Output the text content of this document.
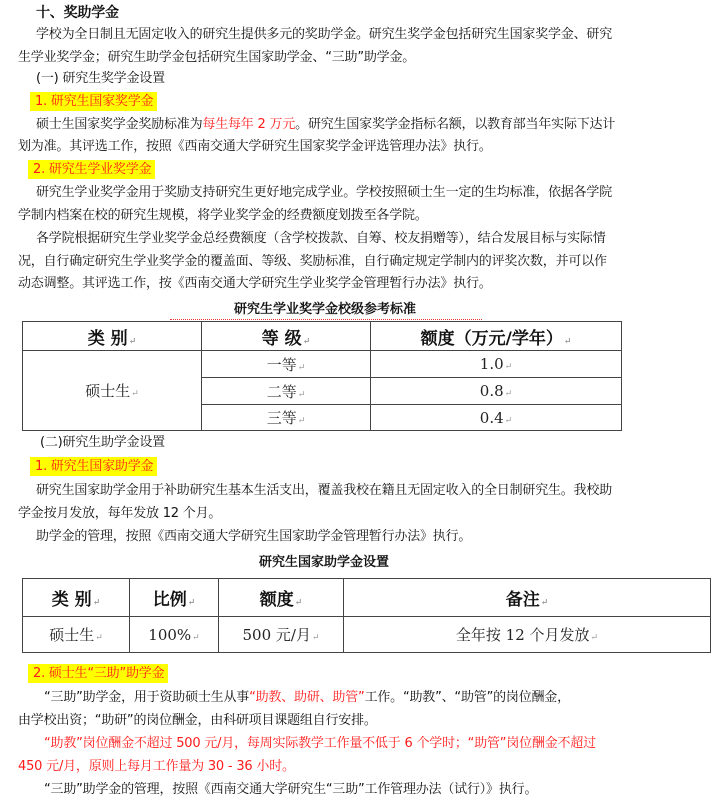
十、奖助学金
学校为全日制且无固定收入的研究生提供多元的奖助学金。研究生奖学金包括研究生国家奖学金、研究
生学业奖学金；研究生助学金包括研究生国家助学金、“三助”助学金。
(一) 研究生奖学金设置
1. 研究生国家奖学金
硕士生国家奖学金奖励标准为每生每年 2 万元。研究生国家奖学金指标名额，以教育部当年实际下达计
划为准。其评选工作，按照《西南交通大学研究生国家奖学金评选管理办法》执行。
2. 研究生学业奖学金
研究生学业奖学金用于奖励支持研究生更好地完成学业。学校按照硕士生一定的生均标准，依据各学院
学制内档案在校的研究生规模，将学业奖学金的经费额度划拨至各学院。
各学院根据研究生学业奖学金总经费额度（含学校拨款、自筹、校友捐赠等），结合发展目标与实际情
况，自行确定研究生学业奖学金的覆盖面、等级、奖励标准，自行确定规定学制内的评奖次数，并可以作
动态调整。其评选工作，按《西南交通大学研究生学业奖学金管理暂行办法》执行。
研究生学业奖学金校级参考标准
类 别↵	等 级↵	额度（万元/学年）↵
硕士生↵	一等↵	1.0↵
	二等↵	0.8↵
	三等↵	0.4↵
(二)研究生助学金设置
1. 研究生国家助学金
研究生国家助学金用于补助研究生基本生活支出，覆盖我校在籍且无固定收入的全日制研究生。我校助
学金按月发放，每年发放 12 个月。
助学金的管理，按照《西南交通大学研究生国家助学金管理暂行办法》执行。
研究生国家助学金设置
类 别↵	比例↵	额度↵	备注↵
硕士生↵	100%↵	500 元/月↵	全年按 12 个月发放↵
2. 硕士生“三助”助学金
“三助”助学金，用于资助硕士生从事“助教、助研、助管”工作。“助教”、“助管”的岗位酬金，
由学校出资；“助研”的岗位酬金，由科研项目课题组自行安排。
“助教”岗位酬金不超过 500 元/月，每周实际教学工作量不低于 6 个学时；“助管”岗位酬金不超过
450 元/月，原则上每月工作量为 30 - 36 小时。
“三助”助学金的管理，按照《西南交通大学研究生“三助”工作管理办法（试行）》执行。
